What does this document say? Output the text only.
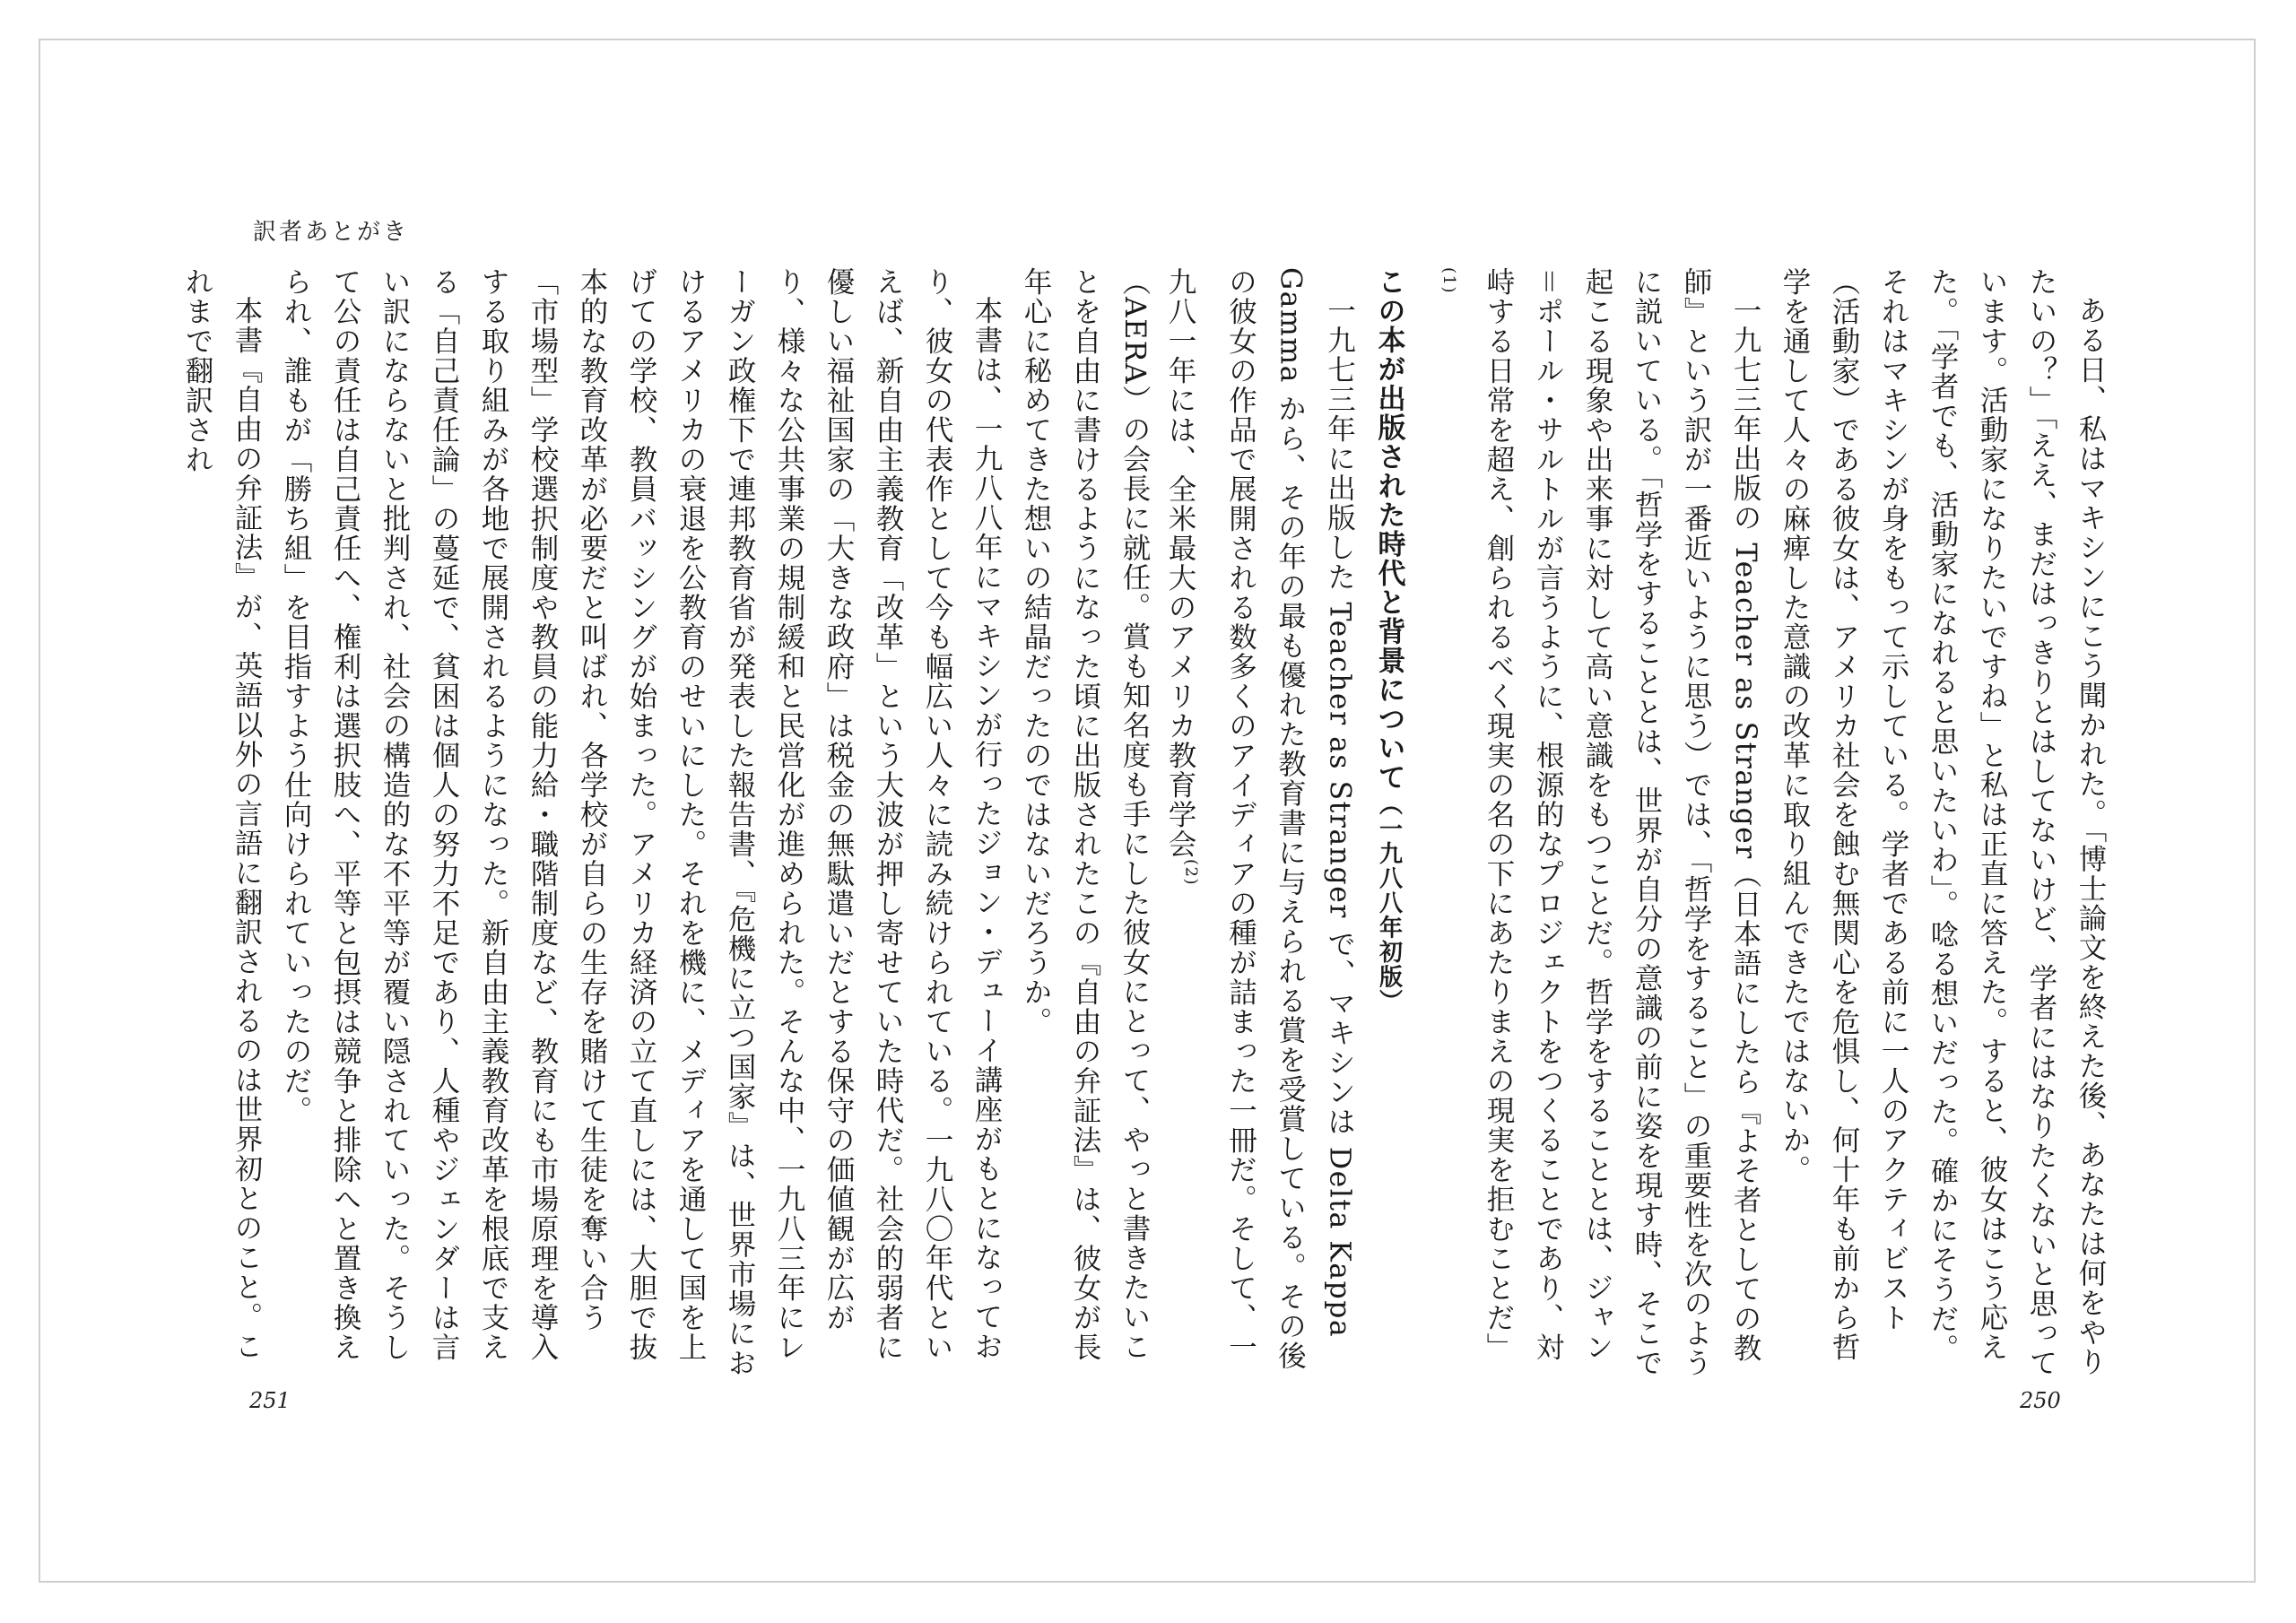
訳者あとがき

ある日、私はマキシンにこう聞かれた。「博士論文を終えた後、あなたは何をやりたいの？」「ええ、まだはっきりとはしてないけど、学者にはなりたくないと思っています。活動家になりたいですね」と私は正直に答えた。すると、彼女はこう応えた。「学者でも、活動家になれると思いたいわ」。唸る想いだった。確かにそうだ。それはマキシンが身をもって示している。学者である前に一人のアクティビスト（活動家）である彼女は、アメリカ社会を蝕む無関心を危惧し、何十年も前から哲学を通して人々の麻痺した意識の改革に取り組んできたではないか。

一九七三年出版の Teacher as Stranger（日本語にしたら『よそ者としての教師』という訳が一番近いように思う）では、「哲学をすること」の重要性を次のように説いている。「哲学をすることとは、世界が自分の意識の前に姿を現す時、そこで起こる現象や出来事に対して高い意識をもつことだ。哲学をすることとは、ジャン＝ポール・サルトルが言うように、根源的なプロジェクトをつくることであり、対峙する日常を超え、創られるべく現実の名の下にあたりまえの現実を拒むことだ」$^{(1)}$

この本が出版された時代と背景について（一九八八年初版）

一九七三年に出版した Teacher as Stranger で、マキシンは Delta Kappa Gamma から、その年の最も優れた教育書に与えられる賞を受賞している。その後の彼女の作品で展開される数多くのアイディアの種が詰まった一冊だ。そして、一九八一年には、全米最大のアメリカ教育学会$^{(2)}$

（AERA）の会長に就任。賞も知名度も手にした彼女にとって、やっと書きたいことを自由に書けるようになった頃に出版されたこの『自由の弁証法』は、彼女が長年心に秘めてきた想いの結晶だったのではないだろうか。

本書は、一九八八年にマキシンが行ったジョン・デューイ講座がもとになっており、彼女の代表作として今も幅広い人々に読み続けられている。一九八〇年代といえば、新自由主義教育「改革」という大波が押し寄せていた時代だ。社会的弱者に優しい福祉国家の「大きな政府」は税金の無駄遣いだとする保守の価値観が広がり、様々な公共事業の規制緩和と民営化が進められた。そんな中、一九八三年にレーガン政権下で連邦教育省が発表した報告書、『危機に立つ国家』は、世界市場におけるアメリカの衰退を公教育のせいにした。それを機に、メディアを通して国を上げての学校、教員バッシングが始まった。アメリカ経済の立て直しには、大胆で抜本的な教育改革が必要だと叫ばれ、各学校が自らの生存を賭けて生徒を奪い合う「市場型」学校選択制度や教員の能力給・職階制度など、教育にも市場原理を導入する取り組みが各地で展開されるようになった。新自由主義教育改革を根底で支える「自己責任論」の蔓延で、貧困は個人の努力不足であり、人種やジェンダーは言い訳にならないと批判され、社会の構造的な不平等が覆い隠されていった。そうして公の責任は自己責任へ、権利は選択肢へ、平等と包摂は競争と排除へと置き換えられ、誰もが「勝ち組」を目指すよう仕向けられていったのだ。

本書『自由の弁証法』が、英語以外の言語に翻訳されるのは世界初とのこと。これまで翻訳され

251	250
